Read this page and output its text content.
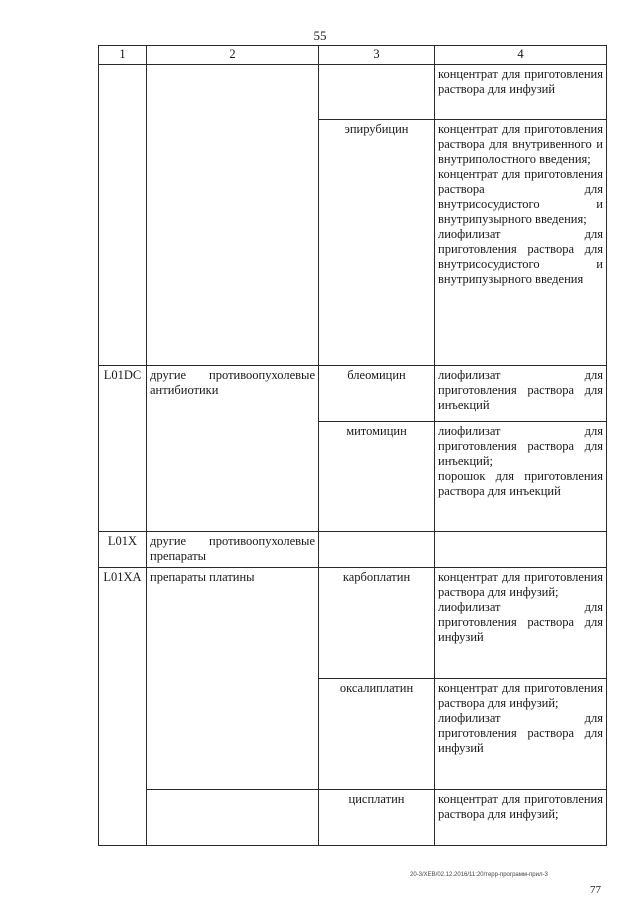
55
1	2	3	4

			концентрат для приготовления раствора для инфузий

		эпирубицин	концентрат для приготовления раствора для внутривенного и внутриполостного введения;
концентрат для приготовления раствора для внутрисосудистого и внутрипузырного введения;
лиофилизат для приготовления раствора для внутрисосудистого и внутрипузырного введения

L01DC	другие противоопухолевые антибиотики	блеомицин	лиофилизат для приготовления раствора для инъекций

		митомицин	лиофилизат для приготовления раствора для инъекций;
порошок для приготовления раствора для инъекций

L01X	другие противоопухолевые препараты		

L01XA	препараты платины	карбоплатин	концентрат для приготовления раствора для инфузий;
лиофилизат для приготовления раствора для инфузий

		оксалиплатин	концентрат для приготовления раствора для инфузий;
лиофилизат для приготовления раствора для инфузий

		цисплатин	концентрат для приготовления раствора для инфузий;
20-3/ХЕВ/02.12.2016/11:20/терр-программ-прил-3
77
